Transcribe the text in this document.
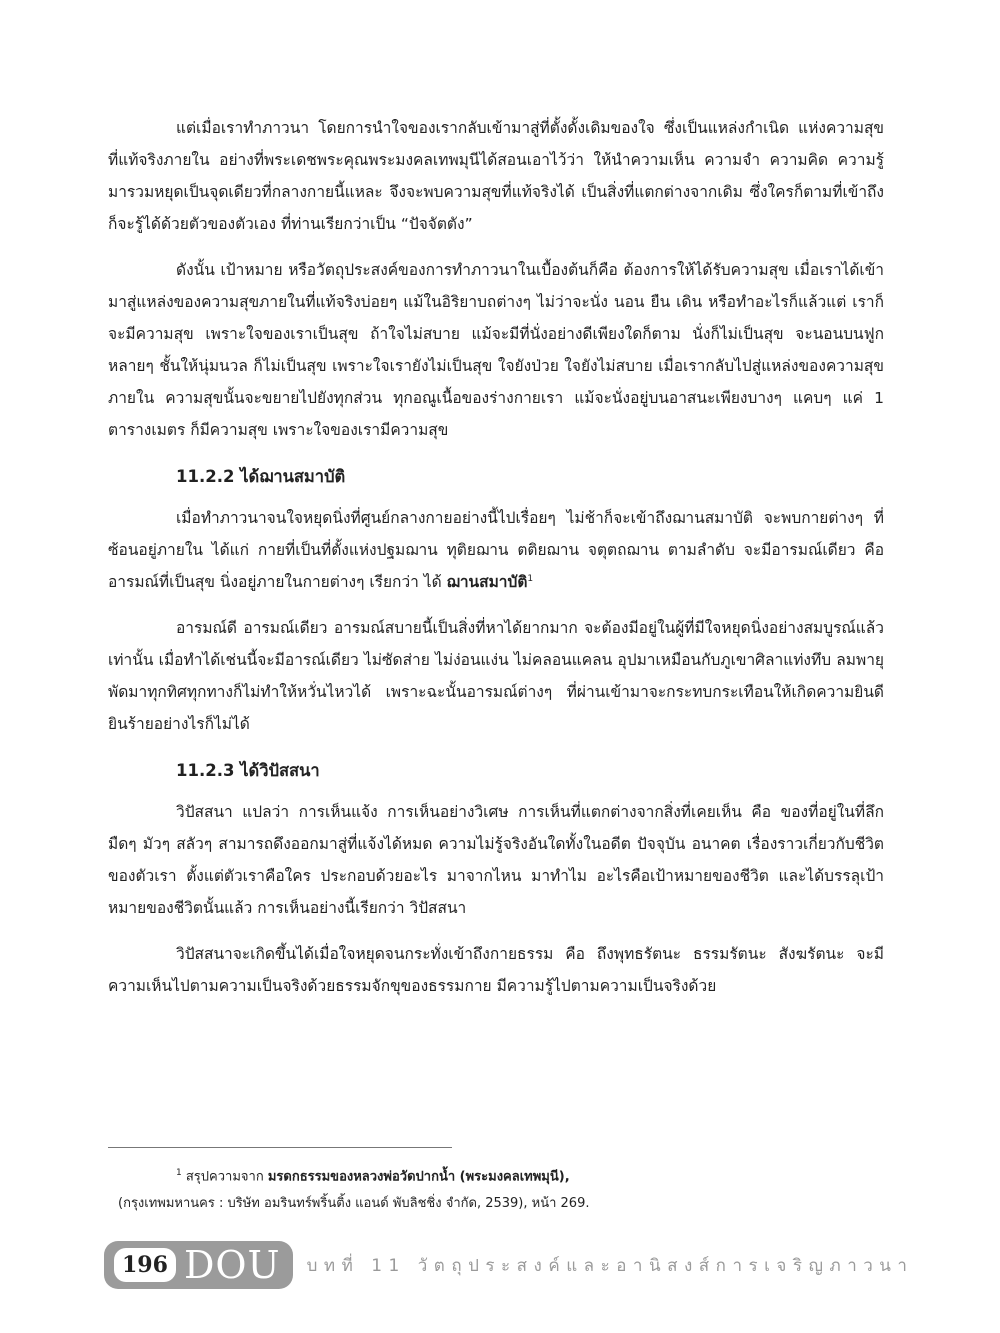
แต่เมื่อเราทำภาวนา โดยการนำใจของเรากลับเข้ามาสู่ที่ตั้งดั้งเดิมของใจ ซึ่งเป็นแหล่งกำเนิด แห่งความสุขที่แท้จริงภายใน อย่างที่พระเดชพระคุณพระมงคลเทพมุนีได้สอนเอาไว้ว่า ให้นำความเห็น ความจำ ความคิด ความรู้ มารวมหยุดเป็นจุดเดียวที่กลางกายนี้แหละ จึงจะพบความสุขที่แท้จริงได้ เป็นสิ่งที่แตกต่างจากเดิม ซึ่งใครก็ตามที่เข้าถึงก็จะรู้ได้ด้วยตัวของตัวเอง ที่ท่านเรียกว่าเป็น “ปัจจัตตัง”

ดังนั้น เป้าหมาย หรือวัตถุประสงค์ของการทำภาวนาในเบื้องต้นก็คือ ต้องการให้ได้รับความสุข เมื่อเราได้เข้ามาสู่แหล่งของความสุขภายในที่แท้จริงบ่อยๆ แม้ในอิริยาบถต่างๆ ไม่ว่าจะนั่ง นอน ยืน เดิน หรือทำอะไรก็แล้วแต่ เราก็จะมีความสุข เพราะใจของเราเป็นสุข ถ้าใจไม่สบาย แม้จะมีที่นั่งอย่างดีเพียงใดก็ตาม นั่งก็ไม่เป็นสุข จะนอนบนฟูกหลายๆ ชั้นให้นุ่มนวล ก็ไม่เป็นสุข เพราะใจเรายังไม่เป็นสุข ใจยังป่วย ใจยังไม่สบาย เมื่อเรากลับไปสู่แหล่งของความสุขภายใน ความสุขนั้นจะขยายไปยังทุกส่วน ทุกอณูเนื้อของร่างกายเรา แม้จะนั่งอยู่บนอาสนะเพียงบางๆ แคบๆ แค่ 1 ตารางเมตร ก็มีความสุข เพราะใจของเรามีความสุข

11.2.2 ได้ฌานสมาบัติ

เมื่อทำภาวนาจนใจหยุดนิ่งที่ศูนย์กลางกายอย่างนี้ไปเรื่อยๆ ไม่ช้าก็จะเข้าถึงฌานสมาบัติ จะพบกายต่างๆ ที่ซ้อนอยู่ภายใน ได้แก่ กายที่เป็นที่ตั้งแห่งปฐมฌาน ทุติยฌาน ตติยฌาน จตุตถฌาน ตามลำดับ จะมีอารมณ์เดียว คือ อารมณ์ที่เป็นสุข นิ่งอยู่ภายในกายต่างๆ เรียกว่า ได้ ฌานสมาบัติ$^1$

อารมณ์ดี อารมณ์เดียว อารมณ์สบายนี้เป็นสิ่งที่หาได้ยากมาก จะต้องมีอยู่ในผู้ที่มีใจหยุดนิ่งอย่างสมบูรณ์แล้วเท่านั้น เมื่อทำได้เช่นนี้จะมีอารณ์เดียว ไม่ซัดส่าย ไม่ง่อนแง่น ไม่คลอนแคลน อุปมาเหมือนกับภูเขาศิลาแท่งทึบ ลมพายุพัดมาทุกทิศทุกทางก็ไม่ทำให้หวั่นไหวได้ เพราะฉะนั้นอารมณ์ต่างๆ ที่ผ่านเข้ามาจะกระทบกระเทือนให้เกิดความยินดียินร้ายอย่างไรก็ไม่ได้

11.2.3 ได้วิปัสสนา

วิปัสสนา แปลว่า การเห็นแจ้ง การเห็นอย่างวิเศษ การเห็นที่แตกต่างจากสิ่งที่เคยเห็น คือ ของที่อยู่ในที่ลึก มืดๆ มัวๆ สลัวๆ สามารถดึงออกมาสู่ที่แจ้งได้หมด ความไม่รู้จริงอันใดทั้งในอดีต ปัจจุบัน อนาคต เรื่องราวเกี่ยวกับชีวิตของตัวเรา ตั้งแต่ตัวเราคือใคร ประกอบด้วยอะไร มาจากไหน มาทำไม อะไรคือเป้าหมายของชีวิต และได้บรรลุเป้าหมายของชีวิตนั้นแล้ว การเห็นอย่างนี้เรียกว่า วิปัสสนา

วิปัสสนาจะเกิดขึ้นได้เมื่อใจหยุดจนกระทั่งเข้าถึงกายธรรม คือ ถึงพุทธรัตนะ ธรรมรัตนะ สังฆรัตนะ จะมีความเห็นไปตามความเป็นจริงด้วยธรรมจักขุของธรรมกาย มีความรู้ไปตามความเป็นจริงด้วย

$^1$ สรุปความจาก มรดกธรรมของหลวงพ่อวัดปากน้ำ (พระมงคลเทพมุนี),
(กรุงเทพมหานคร : บริษัท อมรินทร์พริ้นติ้ง แอนด์ พับลิชชิ่ง จำกัด, 2539), หน้า 269.
196 DOU บทที่ 11 วัตถุประสงค์และอานิสงส์การเจริญภาวนา
